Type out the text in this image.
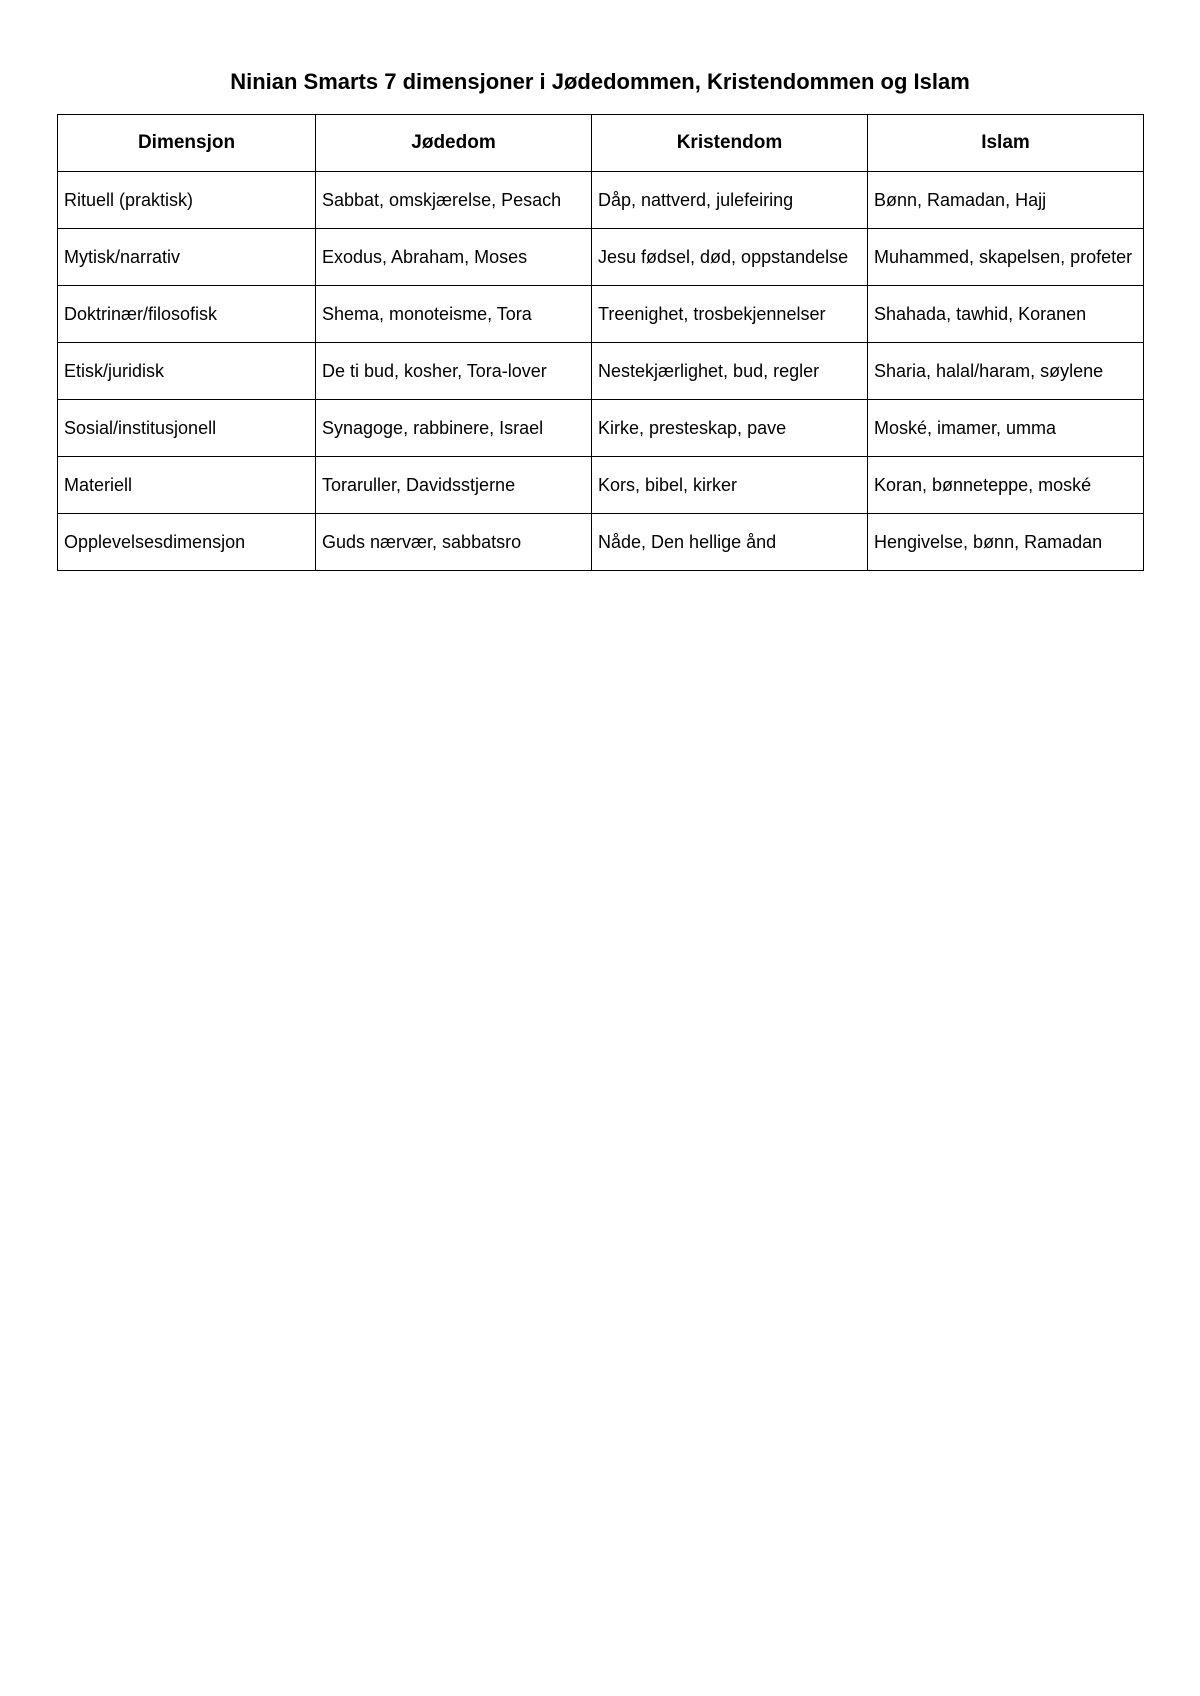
Ninian Smarts 7 dimensjoner i Jødedommen, Kristendommen og Islam
Dimensjon	Jødedom	Kristendom	Islam
Rituell (praktisk)	Sabbat, omskjærelse, Pesach	Dåp, nattverd, julefeiring	Bønn, Ramadan, Hajj
Mytisk/narrativ	Exodus, Abraham, Moses	Jesu fødsel, død, oppstandelse	Muhammed, skapelsen, profeter
Doktrinær/filosofisk	Shema, monoteisme, Tora	Treenighet, trosbekjennelser	Shahada, tawhid, Koranen
Etisk/juridisk	De ti bud, kosher, Tora-lover	Nestekjærlighet, bud, regler	Sharia, halal/haram, søylene
Sosial/institusjonell	Synagoge, rabbinere, Israel	Kirke, presteskap, pave	Moské, imamer, umma
Materiell	Toraruller, Davidsstjerne	Kors, bibel, kirker	Koran, bønneteppe, moské
Opplevelsesdimensjon	Guds nærvær, sabbatsro	Nåde, Den hellige ånd	Hengivelse, bønn, Ramadan
